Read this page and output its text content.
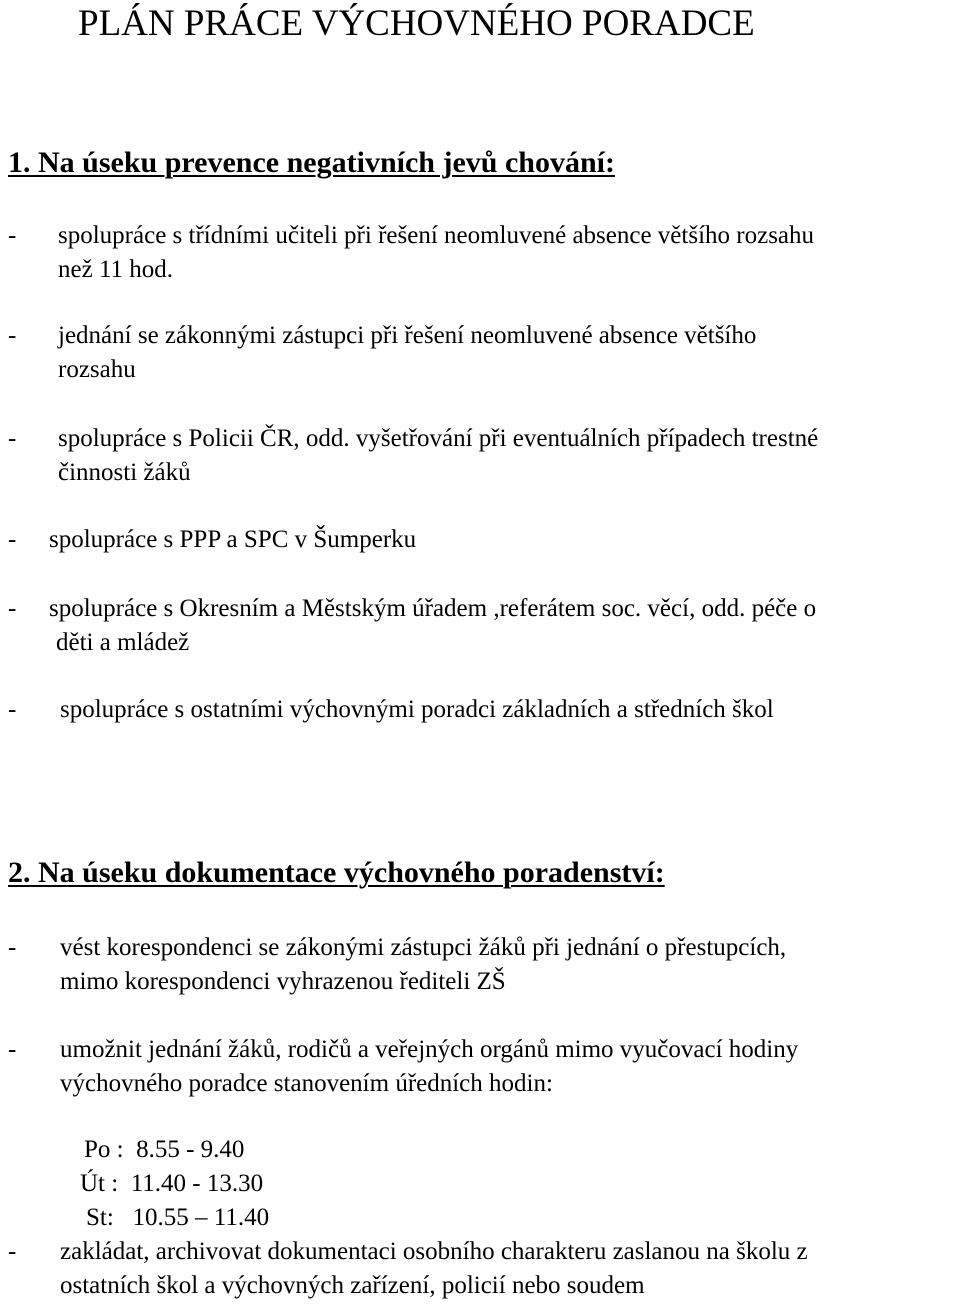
PLÁN PRÁCE VÝCHOVNÉHO PORADCE
1. Na úseku prevence negativních jevů chování:
- spolupráce s třídními učiteli při řešení neomluvené absence většího rozsahu
než 11 hod.
- jednání se zákonnými zástupci při řešení neomluvené absence většího
rozsahu
- spolupráce s Policii ČR, odd. vyšetřování při eventuálních případech trestné
činnosti žáků
- spolupráce s PPP a SPC v Šumperku
- spolupráce s Okresním a Městským úřadem ,referátem soc. věcí, odd. péče o
děti a mládež
- spolupráce s ostatními výchovnými poradci základních a středních škol
2. Na úseku dokumentace výchovného poradenství:
- vést korespondenci se zákonými zástupci žáků při jednání o přestupcích,
mimo korespondenci vyhrazenou řediteli ZŠ
- umožnit jednání žáků, rodičů a veřejných orgánů mimo vyučovací hodiny
výchovného poradce stanovením úředních hodin:
Po :  8.55 - 9.40
Út :  11.40 - 13.30
St:   10.55 – 11.40
- zakládat, archivovat dokumentaci osobního charakteru zaslanou na školu z
ostatních škol a výchovných zařízení, policií nebo soudem
